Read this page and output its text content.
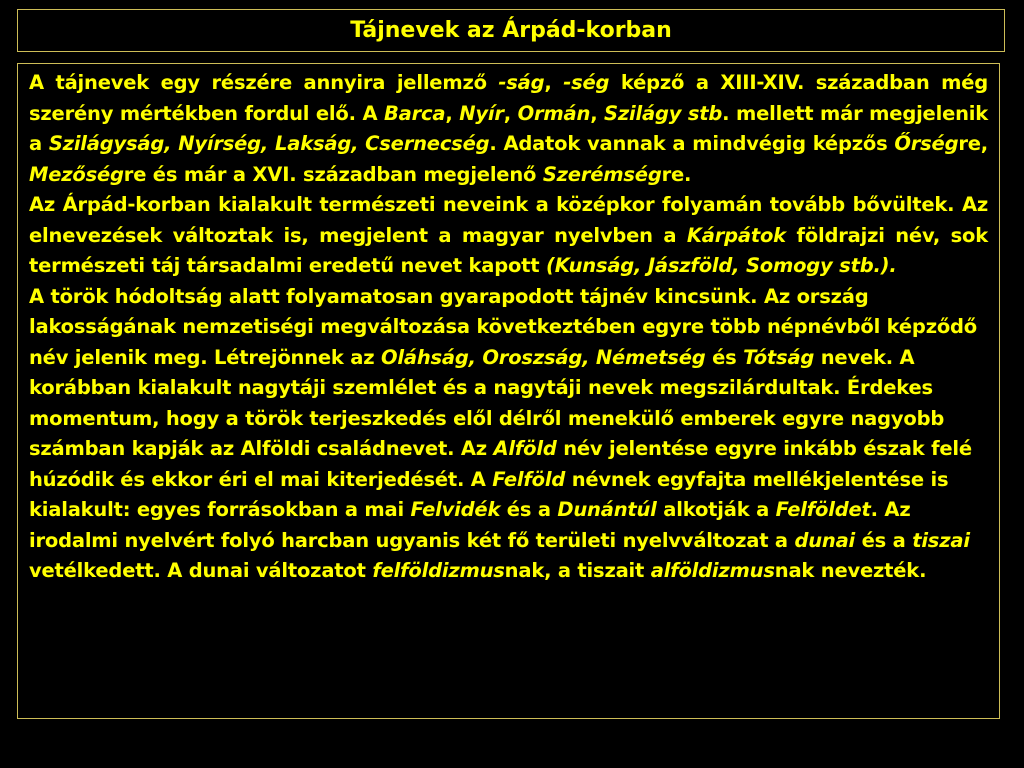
Tájnevek az Árpád-korban

A tájnevek egy részére annyira jellemző -ság, -ség képző a XIII-XIV. században még szerény mértékben fordul elő. A Barca, Nyír, Ormán, Szilágy stb. mellett már megjelenik a Szilágyság, Nyírség, Lakság, Csernecség. Adatok vannak a mindvégig képzős Őrségre, Mezőségre és már a XVI. században megjelenő Szerémségre.

Az Árpád-korban kialakult természeti neveink a középkor folyamán tovább bővültek. Az elnevezések változtak is, megjelent a magyar nyelvben a Kárpátok földrajzi név, sok természeti táj társadalmi eredetű nevet kapott (Kunság, Jászföld, Somogy stb.).

A török hódoltság alatt folyamatosan gyarapodott tájnév kincsünk. Az ország lakosságának nemzetiségi megváltozása következtében egyre több népnévből képződő név jelenik meg. Létrejönnek az Oláhság, Oroszság, Németség és Tótság nevek. A korábban kialakult nagytáji szemlélet és a nagytáji nevek megszilárdultak. Érdekes momentum, hogy a török terjeszkedés elől délről menekülő emberek egyre nagyobb számban kapják az Alföldi családnevet. Az Alföld név jelentése egyre inkább észak felé húzódik és ekkor éri el mai kiterjedését. A Felföld névnek egyfajta mellékjelentése is kialakult: egyes forrásokban a mai Felvidék és a Dunántúl alkotják a Felföldet. Az irodalmi nyelvért folyó harcban ugyanis két fő területi nyelvváltozat a dunai és a tiszai vetélkedett. A dunai változatot felföldizmusnak, a tiszait alföldizmusnak nevezték.
